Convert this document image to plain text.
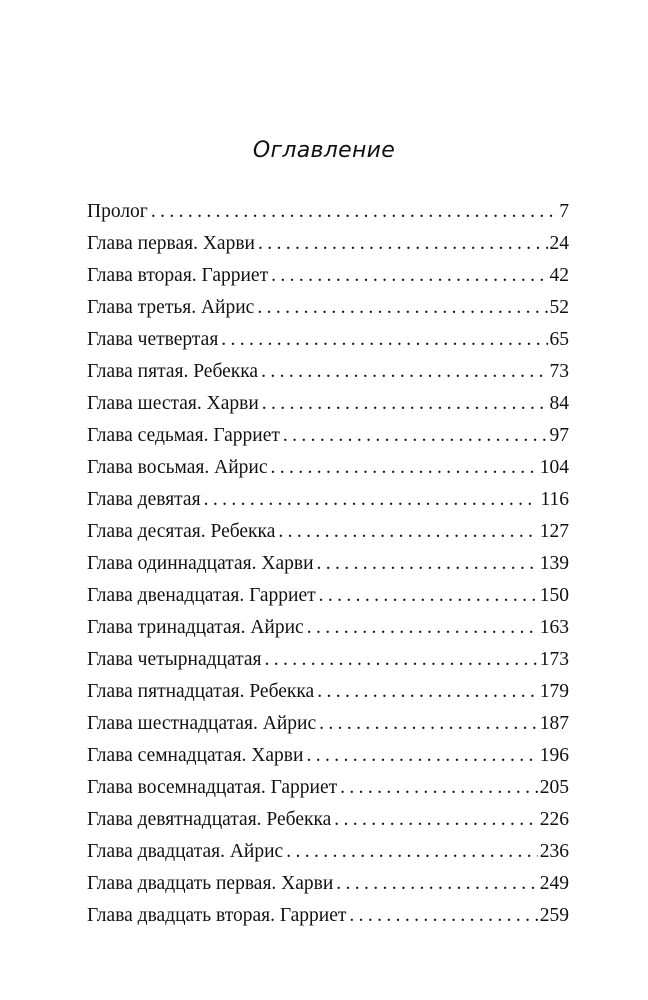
Оглавление
Пролог . . .	7
Глава первая. Харви . . .	24
Глава вторая. Гарриет . . .	42
Глава третья. Айрис . . .	52
Глава четвертая . . .	65
Глава пятая. Ребекка . . .	73
Глава шестая. Харви . . .	84
Глава седьмая. Гарриет . . .	97
Глава восьмая. Айрис . . .	104
Глава девятая . . .	116
Глава десятая. Ребекка . . .	127
Глава одиннадцатая. Харви . . .	139
Глава двенадцатая. Гарриет . . .	150
Глава тринадцатая. Айрис . . .	163
Глава четырнадцатая . . .	173
Глава пятнадцатая. Ребекка . . .	179
Глава шестнадцатая. Айрис . . .	187
Глава семнадцатая. Харви . . .	196
Глава восемнадцатая. Гарриет . . .	205
Глава девятнадцатая. Ребекка . . .	226
Глава двадцатая. Айрис . . .	236
Глава двадцать первая. Харви . . .	249
Глава двадцать вторая. Гарриет . . .	259
